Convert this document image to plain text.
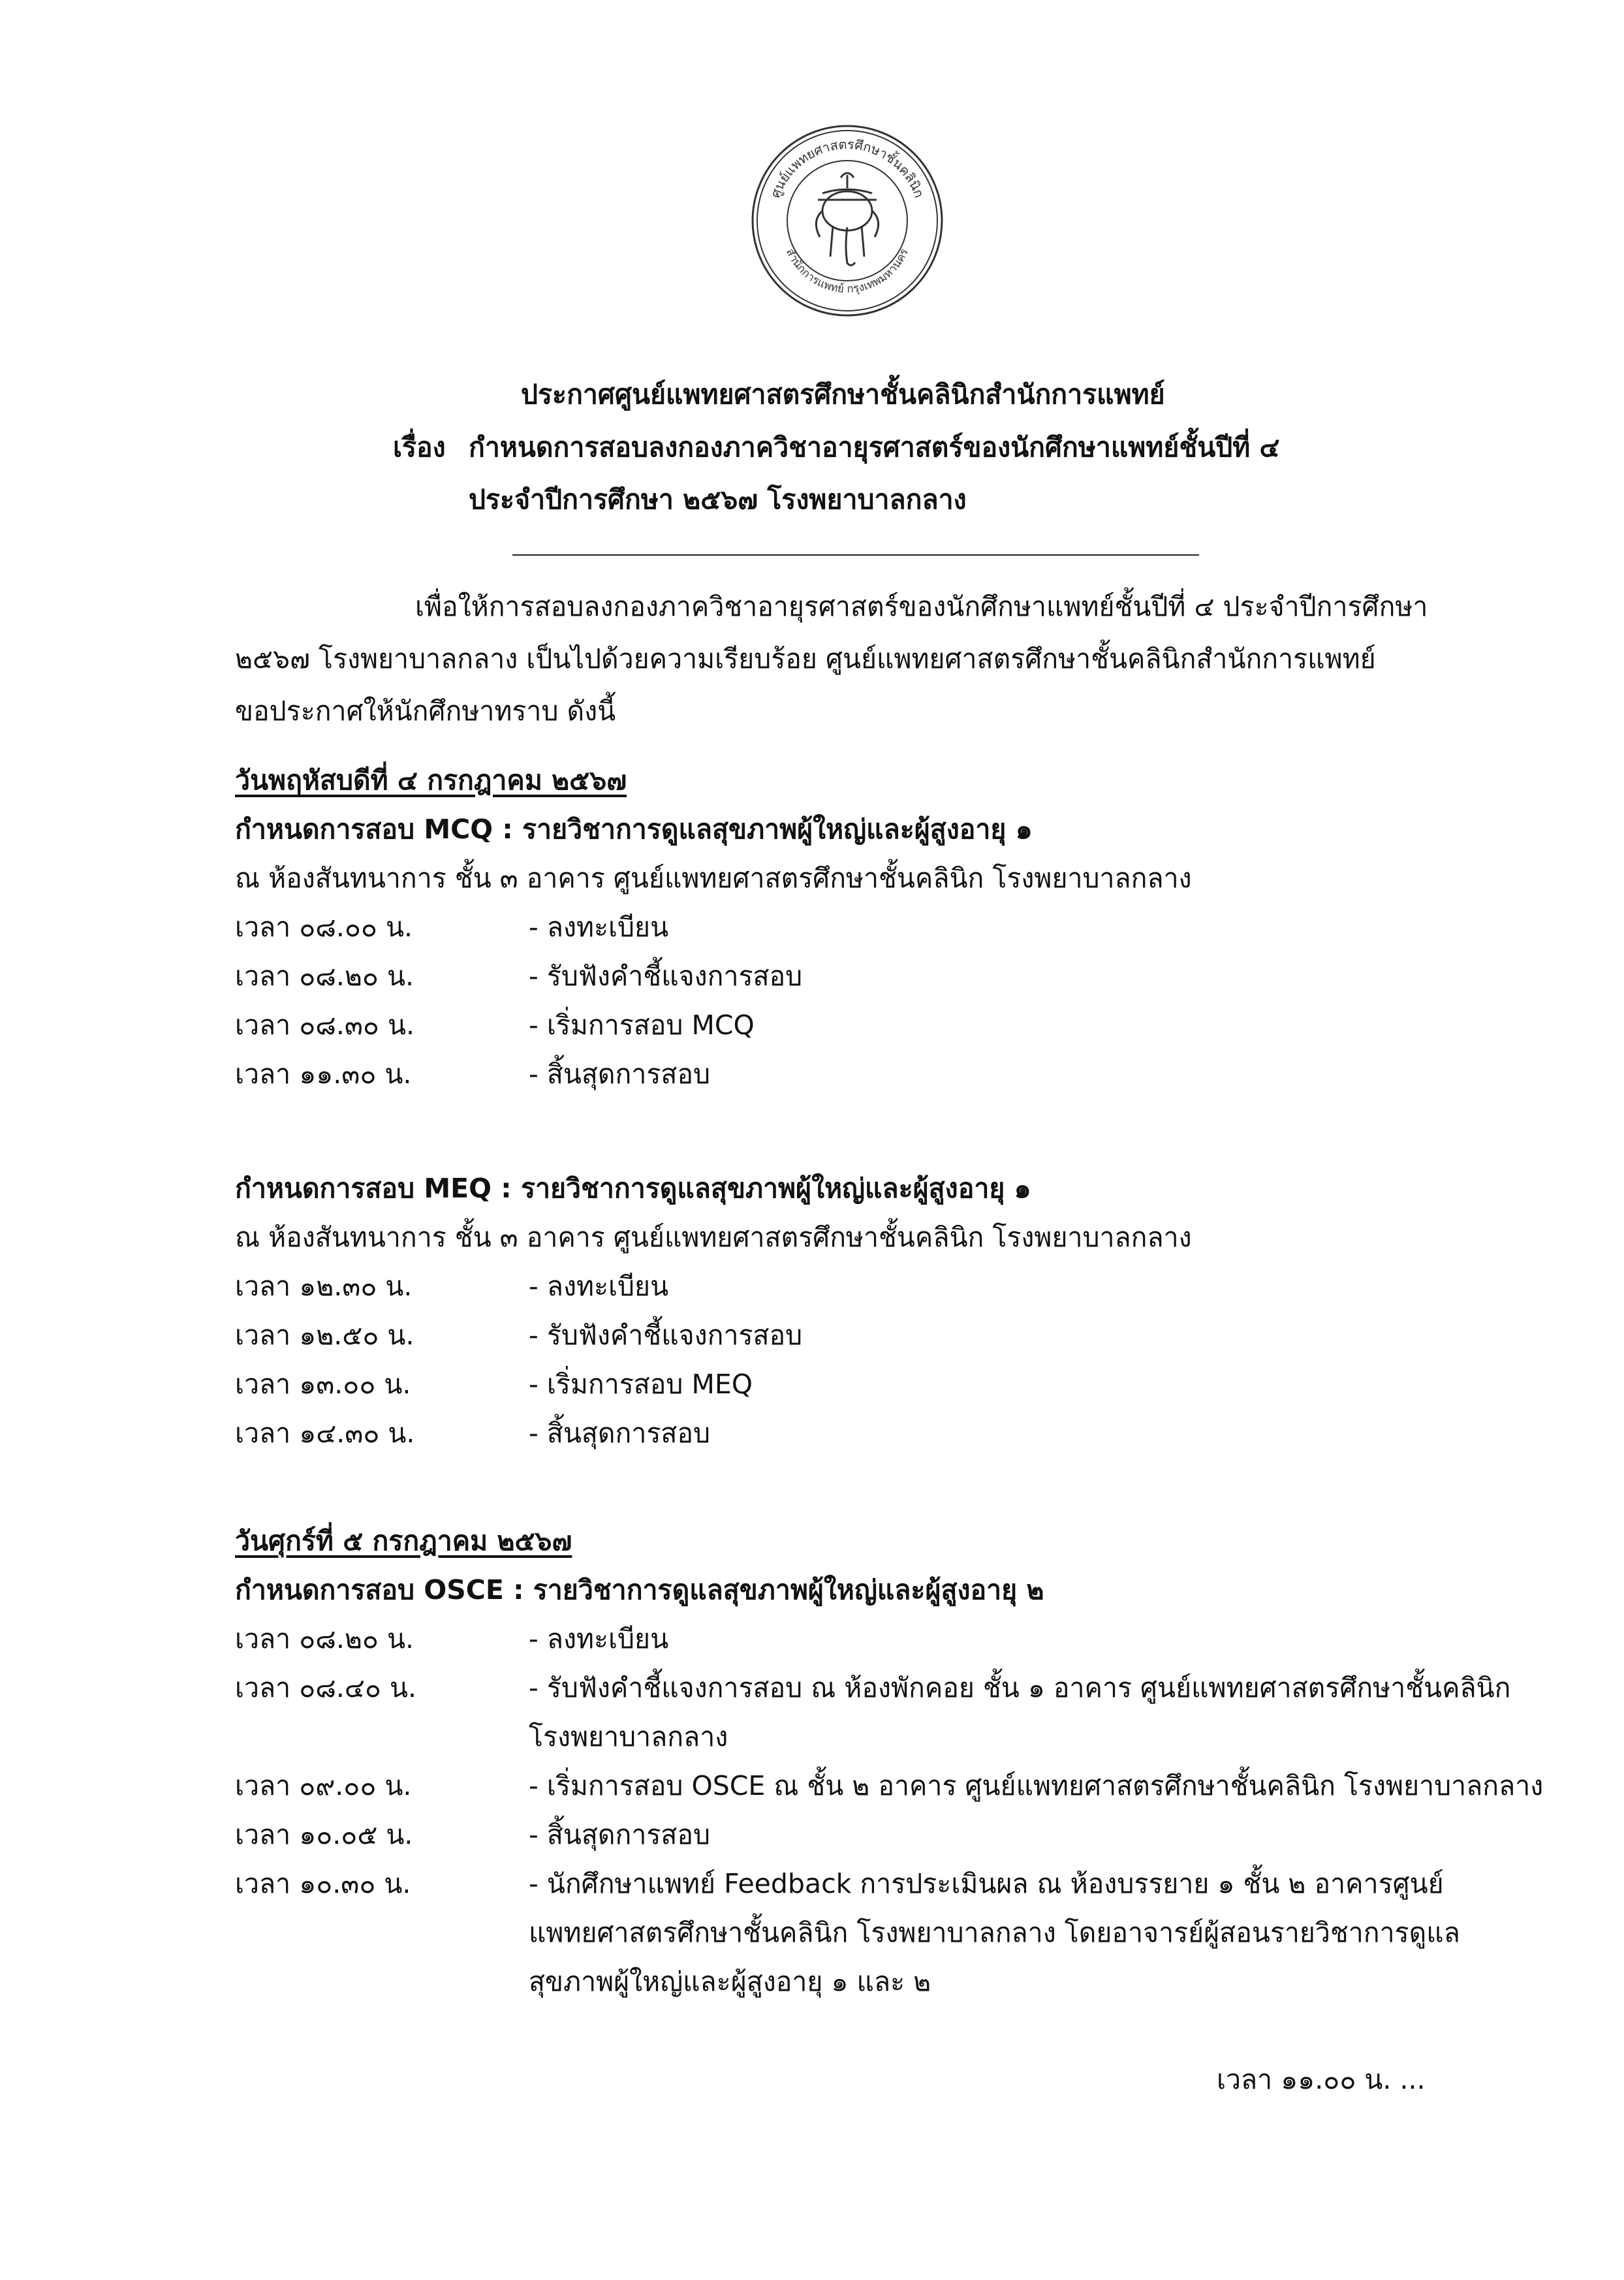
ศูนย์แพทยศาสตรศึกษาชั้นคลินิก
สำนักการแพทย์ กรุงเทพมหานคร
ประกาศศูนย์แพทยศาสตรศึกษาชั้นคลินิกสำนักการแพทย์
เรื่อง กำหนดการสอบลงกองภาควิชาอายุรศาสตร์ของนักศึกษาแพทย์ชั้นปีที่ ๔
ประจำปีการศึกษา ๒๕๖๗ โรงพยาบาลกลาง
เพื่อให้การสอบลงกองภาควิชาอายุรศาสตร์ของนักศึกษาแพทย์ชั้นปีที่ ๔ ประจำปีการศึกษา
๒๕๖๗ โรงพยาบาลกลาง เป็นไปด้วยความเรียบร้อย ศูนย์แพทยศาสตรศึกษาชั้นคลินิกสำนักการแพทย์
ขอประกาศให้นักศึกษาทราบ ดังนี้
วันพฤหัสบดีที่ ๔ กรกฎาคม ๒๕๖๗
กำหนดการสอบ MCQ : รายวิชาการดูแลสุขภาพผู้ใหญ่และผู้สูงอายุ ๑
ณ ห้องสันทนาการ ชั้น ๓ อาคาร ศูนย์แพทยศาสตรศึกษาชั้นคลินิก โรงพยาบาลกลาง
เวลา ๐๘.๐๐ น.	- ลงทะเบียน
เวลา ๐๘.๒๐ น.	- รับฟังคำชี้แจงการสอบ
เวลา ๐๘.๓๐ น.	- เริ่มการสอบ MCQ
เวลา ๑๑.๓๐ น.	- สิ้นสุดการสอบ
กำหนดการสอบ MEQ : รายวิชาการดูแลสุขภาพผู้ใหญ่และผู้สูงอายุ ๑
ณ ห้องสันทนาการ ชั้น ๓ อาคาร ศูนย์แพทยศาสตรศึกษาชั้นคลินิก โรงพยาบาลกลาง
เวลา ๑๒.๓๐ น.	- ลงทะเบียน
เวลา ๑๒.๕๐ น.	- รับฟังคำชี้แจงการสอบ
เวลา ๑๓.๐๐ น.	- เริ่มการสอบ MEQ
เวลา ๑๔.๓๐ น.	- สิ้นสุดการสอบ
วันศุกร์ที่ ๕ กรกฎาคม ๒๕๖๗
กำหนดการสอบ OSCE : รายวิชาการดูแลสุขภาพผู้ใหญ่และผู้สูงอายุ ๒
เวลา ๐๘.๒๐ น.	- ลงทะเบียน
เวลา ๐๘.๔๐ น.	- รับฟังคำชี้แจงการสอบ ณ ห้องพักคอย ชั้น ๑ อาคาร ศูนย์แพทยศาสตรศึกษาชั้นคลินิก
โรงพยาบาลกลาง
เวลา ๐๙.๐๐ น.	- เริ่มการสอบ OSCE ณ ชั้น ๒ อาคาร ศูนย์แพทยศาสตรศึกษาชั้นคลินิก โรงพยาบาลกลาง
เวลา ๑๐.๐๕ น.	- สิ้นสุดการสอบ
เวลา ๑๐.๓๐ น.	- นักศึกษาแพทย์ Feedback การประเมินผล ณ ห้องบรรยาย ๑ ชั้น ๒ อาคารศูนย์
แพทยศาสตรศึกษาชั้นคลินิก โรงพยาบาลกลาง โดยอาจารย์ผู้สอนรายวิชาการดูแล
สุขภาพผู้ใหญ่และผู้สูงอายุ ๑ และ ๒
เวลา ๑๑.๐๐ น. ...
